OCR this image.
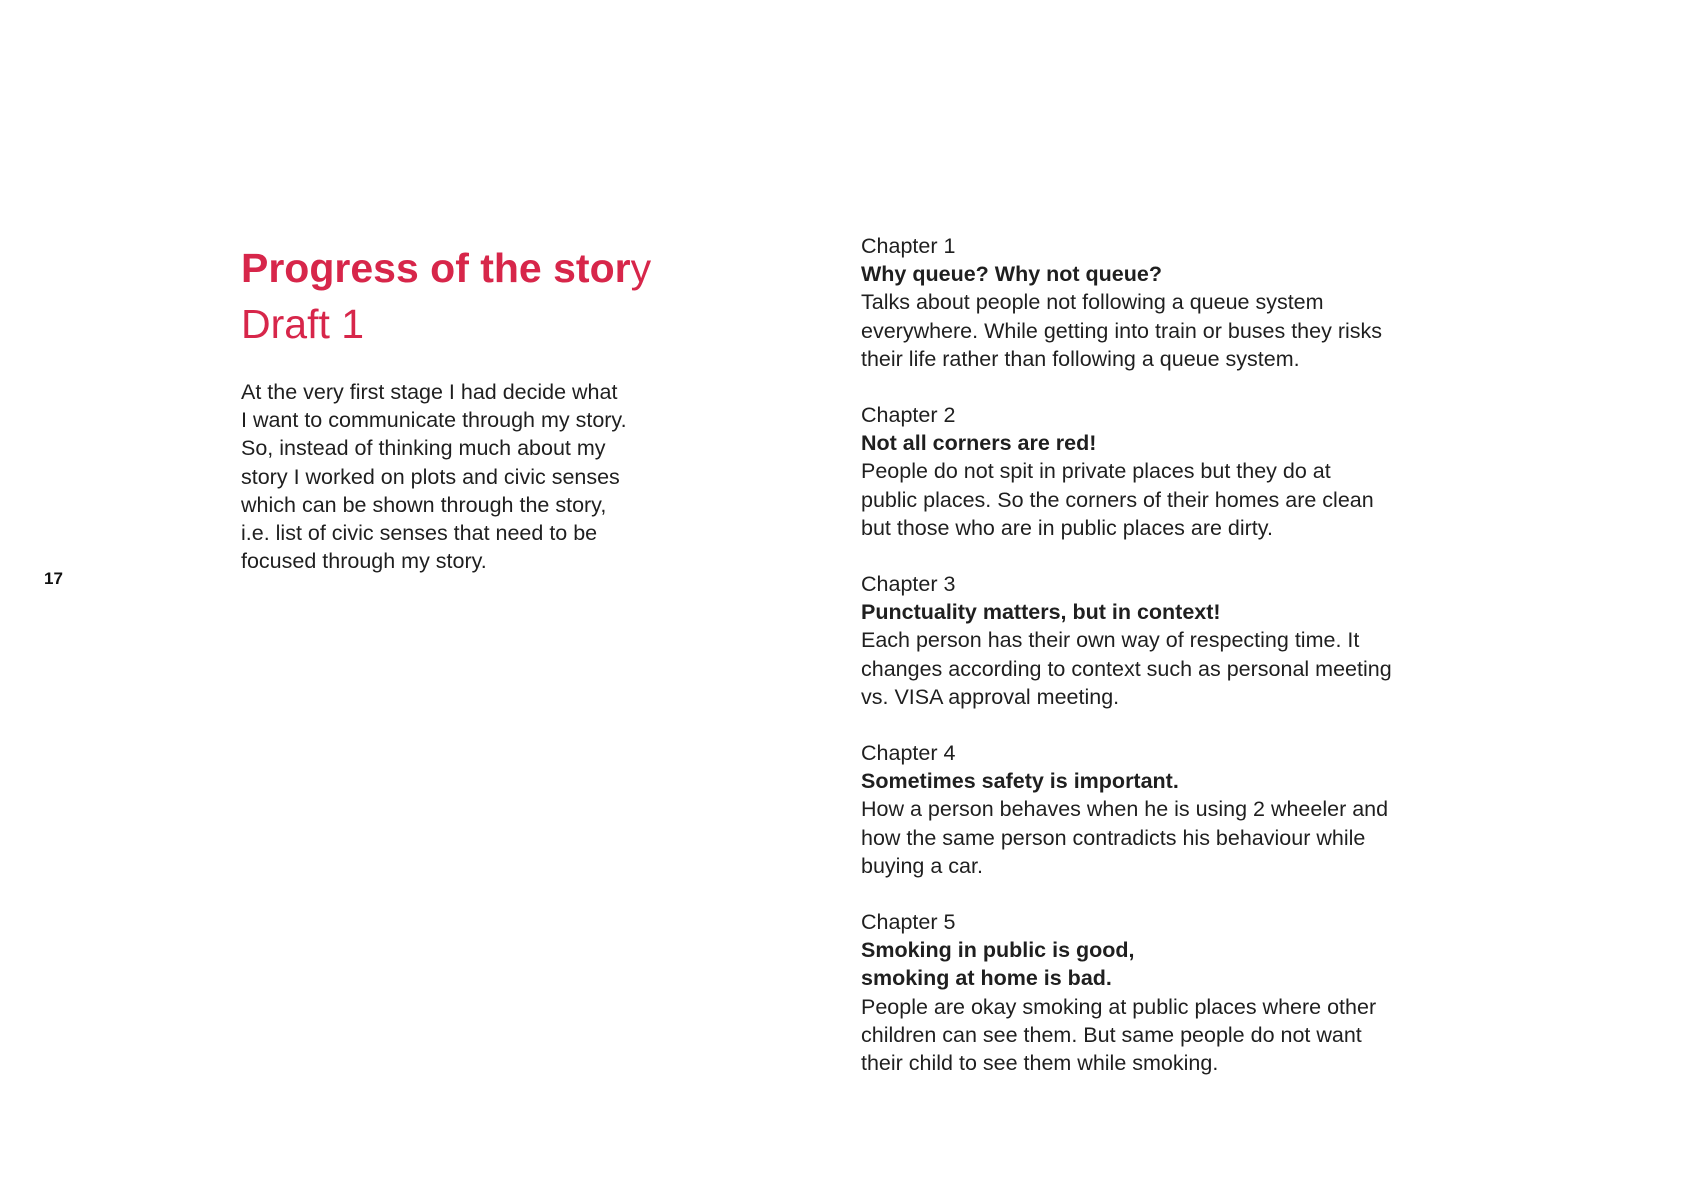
17
Progress of the story
Draft 1

At the very first stage I had decide what
I want to communicate through my story.
So, instead of thinking much about my
story I worked on plots and civic senses
which can be shown through the story,
i.e. list of civic senses that need to be
focused through my story.

Chapter 1
Why queue? Why not queue?
Talks about people not following a queue system
everywhere. While getting into train or buses they risks
their life rather than following a queue system.
Chapter 2
Not all corners are red!
People do not spit in private places but they do at
public places. So the corners of their homes are clean
but those who are in public places are dirty.
Chapter 3
Punctuality matters, but in context!
Each person has their own way of respecting time. It
changes according to context such as personal meeting
vs. VISA approval meeting.
Chapter 4
Sometimes safety is important.
How a person behaves when he is using 2 wheeler and
how the same person contradicts his behaviour while
buying a car.
Chapter 5
Smoking in public is good,
smoking at home is bad.
People are okay smoking at public places where other
children can see them. But same people do not want
their child to see them while smoking.
